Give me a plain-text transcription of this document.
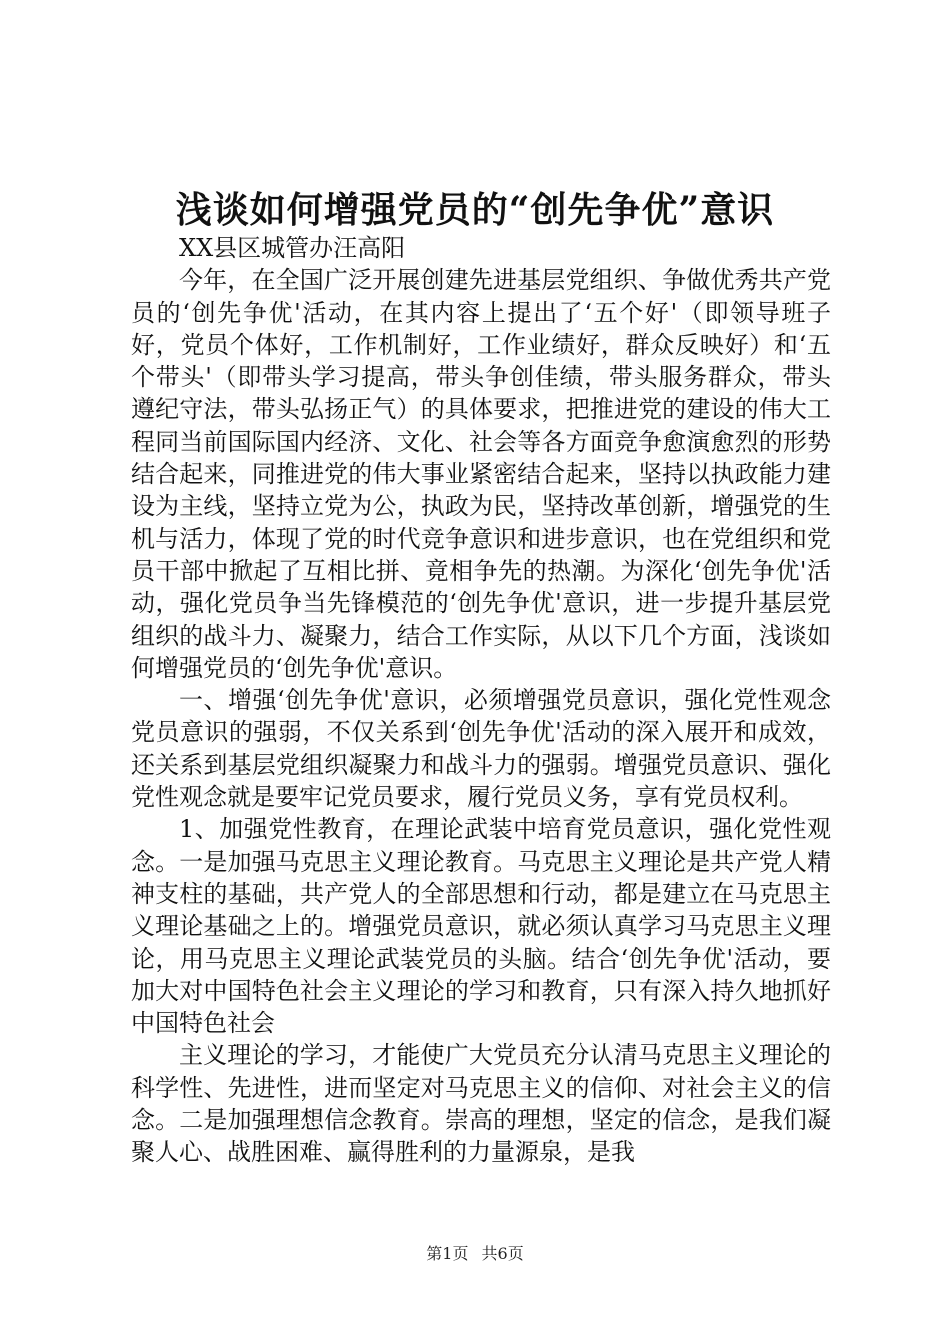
浅谈如何增强党员的“创先争优”意识

XX县区城管办汪高阳

今年，在全国广泛开展创建先进基层党组织、争做优秀共产党员的‘创先争优'活动，在其内容上提出了‘五个好'（即领导班子好，党员个体好，工作机制好，工作业绩好，群众反映好）和‘五个带头'（即带头学习提高，带头争创佳绩，带头服务群众，带头遵纪守法，带头弘扬正气）的具体要求，把推进党的建设的伟大工程同当前国际国内经济、文化、社会等各方面竞争愈演愈烈的形势结合起来，同推进党的伟大事业紧密结合起来，坚持以执政能力建设为主线，坚持立党为公，执政为民，坚持改革创新，增强党的生机与活力，体现了党的时代竞争意识和进步意识，也在党组织和党员干部中掀起了互相比拼、竟相争先的热潮。为深化‘创先争优'活动，强化党员争当先锋模范的‘创先争优'意识，进一步提升基层党组织的战斗力、凝聚力，结合工作实际，从以下几个方面，浅谈如何增强党员的‘创先争优'意识。

一、增强‘创先争优'意识，必须增强党员意识，强化党性观念党员意识的强弱，不仅关系到‘创先争优'活动的深入展开和成效，还关系到基层党组织凝聚力和战斗力的强弱。增强党员意识、强化党性观念就是要牢记党员要求，履行党员义务，享有党员权利。

1、加强党性教育，在理论武装中培育党员意识，强化党性观念。一是加强马克思主义理论教育。马克思主义理论是共产党人精神支柱的基础，共产党人的全部思想和行动，都是建立在马克思主义理论基础之上的。增强党员意识，就必须认真学习马克思主义理论，用马克思主义理论武装党员的头脑。结合‘创先争优'活动，要加大对中国特色社会主义理论的学习和教育，只有深入持久地抓好中国特色社会

主义理论的学习，才能使广大党员充分认清马克思主义理论的科学性、先进性，进而坚定对马克思主义的信仰、对社会主义的信念。二是加强理想信念教育。崇高的理想，坚定的信念，是我们凝聚人心、战胜困难、赢得胜利的力量源泉，是我

第1页 共6页
